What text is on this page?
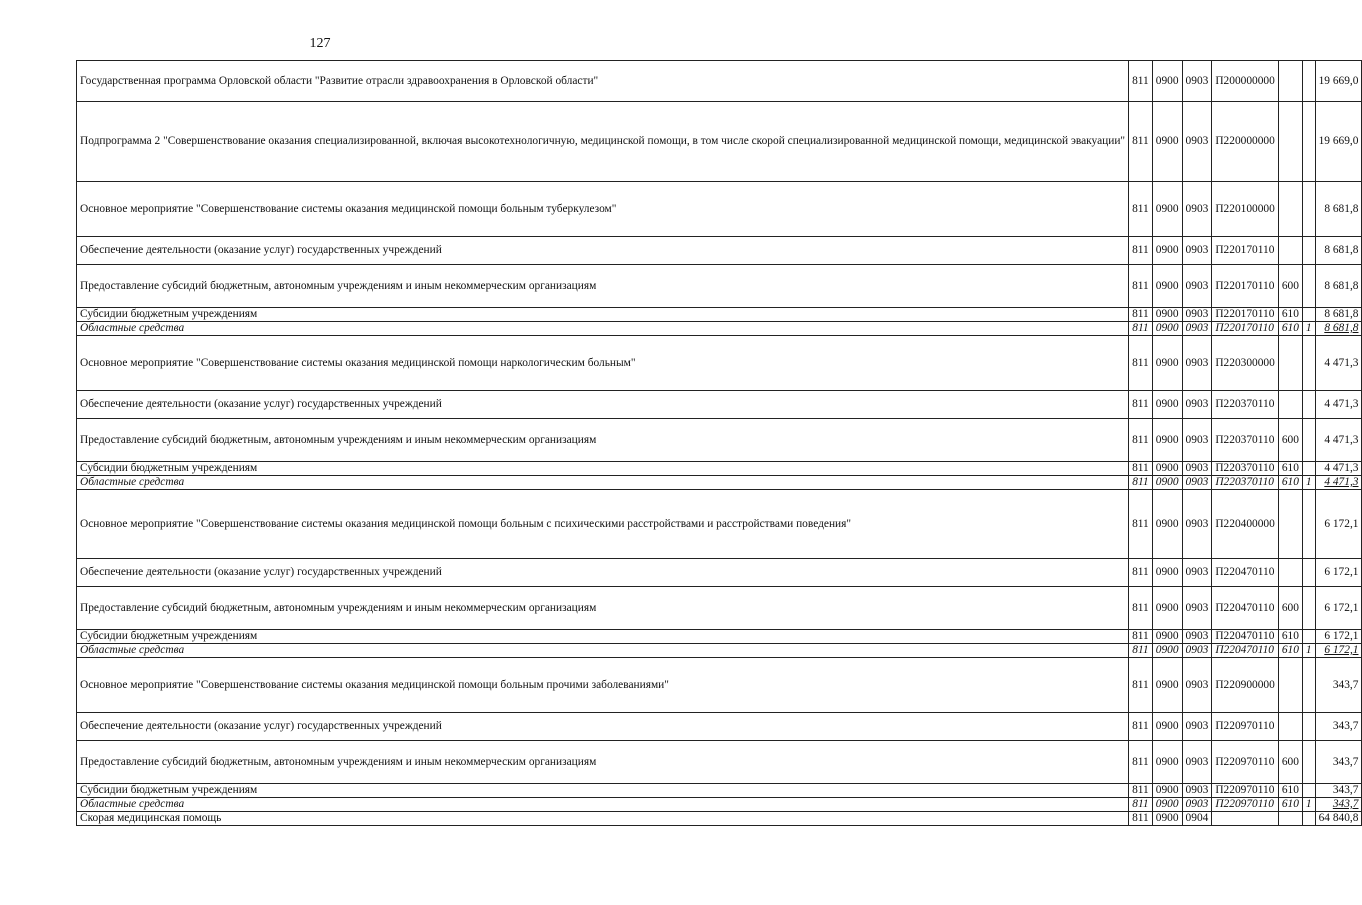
127
Государственная программа Орловской области "Развитие отрасли здравоохранения в Орловской области"	811	0900	0903	П200000000			19 669,0
Подпрограмма 2 "Совершенствование оказания специализированной, включая высокотехнологичную, медицинской помощи, в том числе скорой специализированной медицинской помощи, медицинской эвакуации"	811	0900	0903	П220000000			19 669,0
Основное мероприятие "Совершенствование системы оказания медицинской помощи больным туберкулезом"	811	0900	0903	П220100000			8 681,8
Обеспечение деятельности (оказание услуг) государственных учреждений	811	0900	0903	П220170110			8 681,8
Предоставление субсидий бюджетным, автономным учреждениям и иным некоммерческим организациям	811	0900	0903	П220170110	600		8 681,8
Субсидии бюджетным учреждениям	811	0900	0903	П220170110	610		8 681,8
Областные средства	811	0900	0903	П220170110	610	1	8 681,8
Основное мероприятие "Совершенствование системы оказания медицинской помощи наркологическим больным"	811	0900	0903	П220300000			4 471,3
Обеспечение деятельности (оказание услуг) государственных учреждений	811	0900	0903	П220370110			4 471,3
Предоставление субсидий бюджетным, автономным учреждениям и иным некоммерческим организациям	811	0900	0903	П220370110	600		4 471,3
Субсидии бюджетным учреждениям	811	0900	0903	П220370110	610		4 471,3
Областные средства	811	0900	0903	П220370110	610	1	4 471,3
Основное мероприятие "Совершенствование системы оказания медицинской помощи больным с психическими расстройствами и расстройствами поведения"	811	0900	0903	П220400000			6 172,1
Обеспечение деятельности (оказание услуг) государственных учреждений	811	0900	0903	П220470110			6 172,1
Предоставление субсидий бюджетным, автономным учреждениям и иным некоммерческим организациям	811	0900	0903	П220470110	600		6 172,1
Субсидии бюджетным учреждениям	811	0900	0903	П220470110	610		6 172,1
Областные средства	811	0900	0903	П220470110	610	1	6 172,1
Основное мероприятие "Совершенствование системы оказания медицинской помощи больным прочими заболеваниями"	811	0900	0903	П220900000			343,7
Обеспечение деятельности (оказание услуг) государственных учреждений	811	0900	0903	П220970110			343,7
Предоставление субсидий бюджетным, автономным учреждениям и иным некоммерческим организациям	811	0900	0903	П220970110	600		343,7
Субсидии бюджетным учреждениям	811	0900	0903	П220970110	610		343,7
Областные средства	811	0900	0903	П220970110	610	1	343,7
Скорая медицинская помощь	811	0900	0904				64 840,8
